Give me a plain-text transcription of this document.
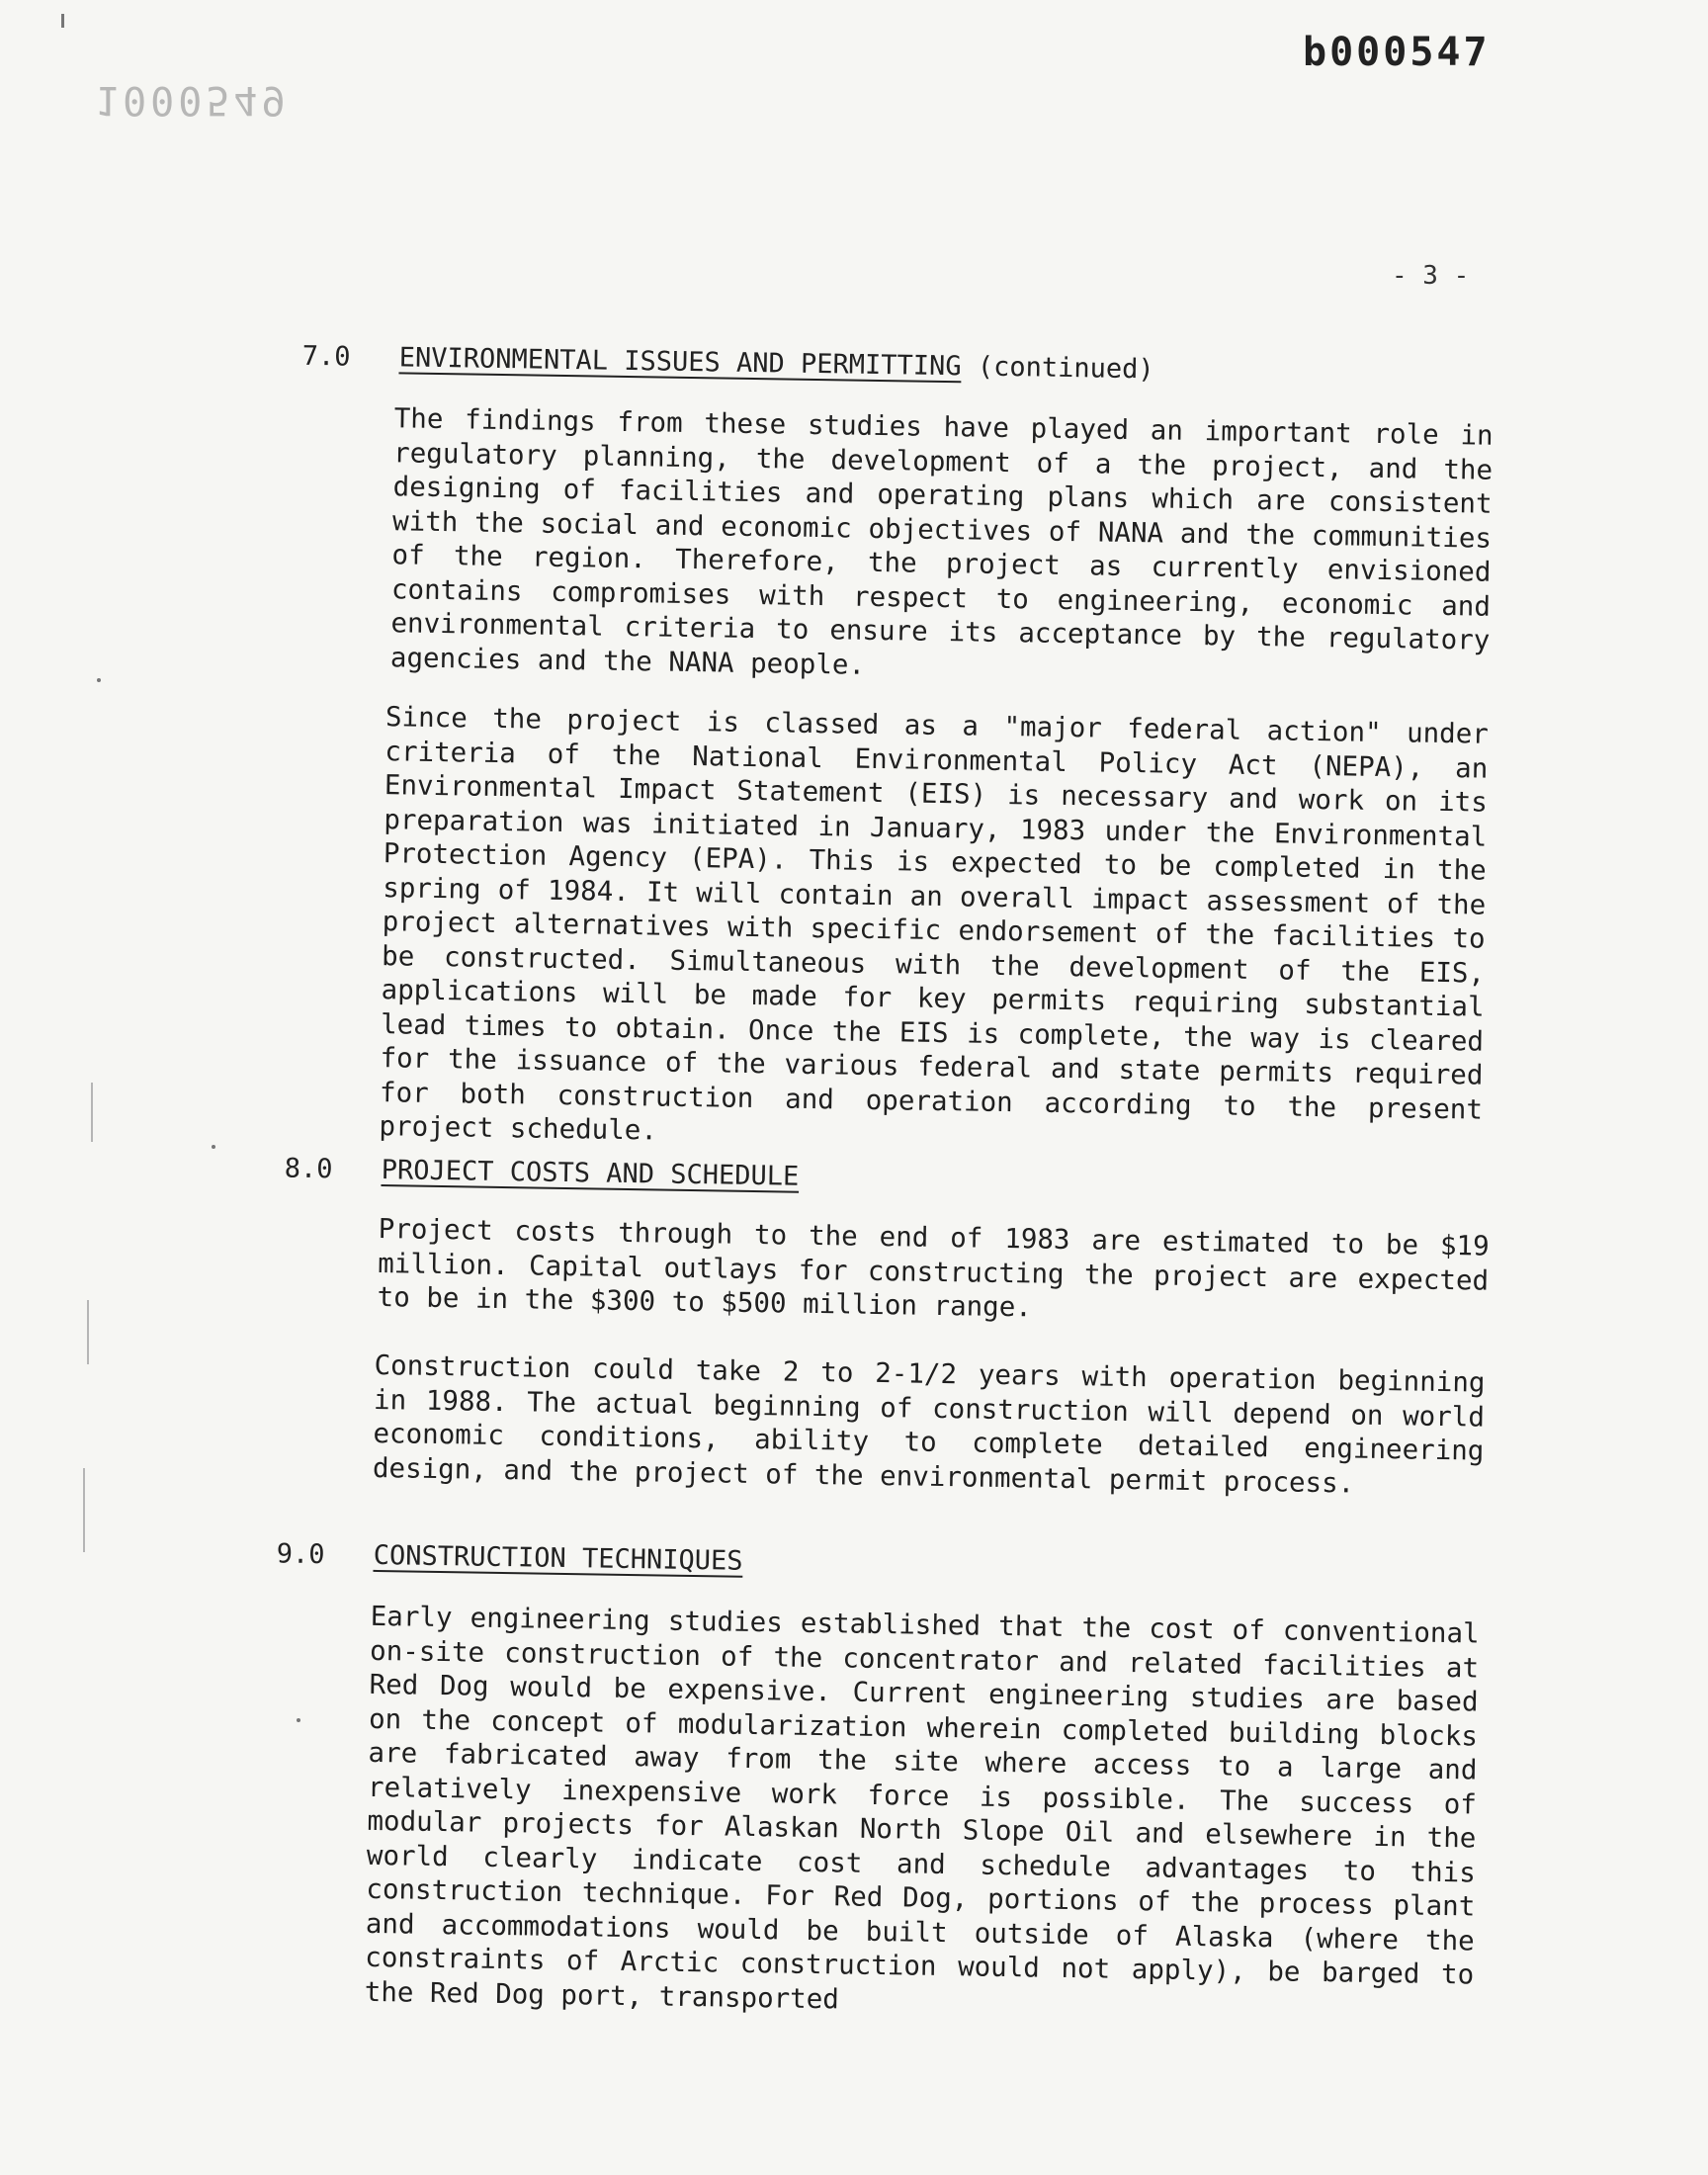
b000547
1000549
- 3 -
7.0 ENVIRONMENTAL ISSUES AND PERMITTING (continued)
The findings from these studies have played an important role in regulatory planning, the development of a the project, and the designing of facilities and operating plans which are consistent with the social and economic objectives of NANA and the communities of the region. Therefore, the project as currently envisioned contains compromises with respect to engineering, economic and environmental criteria to ensure its acceptance by the regulatory agencies and the NANA people.
Since the project is classed as a "major federal action" under criteria of the National Environmental Policy Act (NEPA), an Environmental Impact Statement (EIS) is necessary and work on its preparation was initiated in January, 1983 under the Environmental Protection Agency (EPA). This is expected to be completed in the spring of 1984. It will contain an overall impact assessment of the project alternatives with specific endorsement of the facilities to be constructed. Simultaneous with the development of the EIS, applications will be made for key permits requiring substantial lead times to obtain. Once the EIS is complete, the way is cleared for the issuance of the various federal and state permits required for both construction and operation according to the present project schedule.
8.0 PROJECT COSTS AND SCHEDULE
Project costs through to the end of 1983 are estimated to be $19 million. Capital outlays for constructing the project are expected to be in the $300 to $500 million range.
Construction could take 2 to 2-1/2 years with operation beginning in 1988. The actual beginning of construction will depend on world economic conditions, ability to complete detailed engineering design, and the project of the environmental permit process.
9.0 CONSTRUCTION TECHNIQUES
Early engineering studies established that the cost of conventional on-site construction of the concentrator and related facilities at Red Dog would be expensive. Current engineering studies are based on the concept of modularization wherein completed building blocks are fabricated away from the site where access to a large and relatively inexpensive work force is possible. The success of modular projects for Alaskan North Slope Oil and elsewhere in the world clearly indicate cost and schedule advantages to this construction technique. For Red Dog, portions of the process plant and accommodations would be built outside of Alaska (where the constraints of Arctic construction would not apply), be barged to the Red Dog port, transported
